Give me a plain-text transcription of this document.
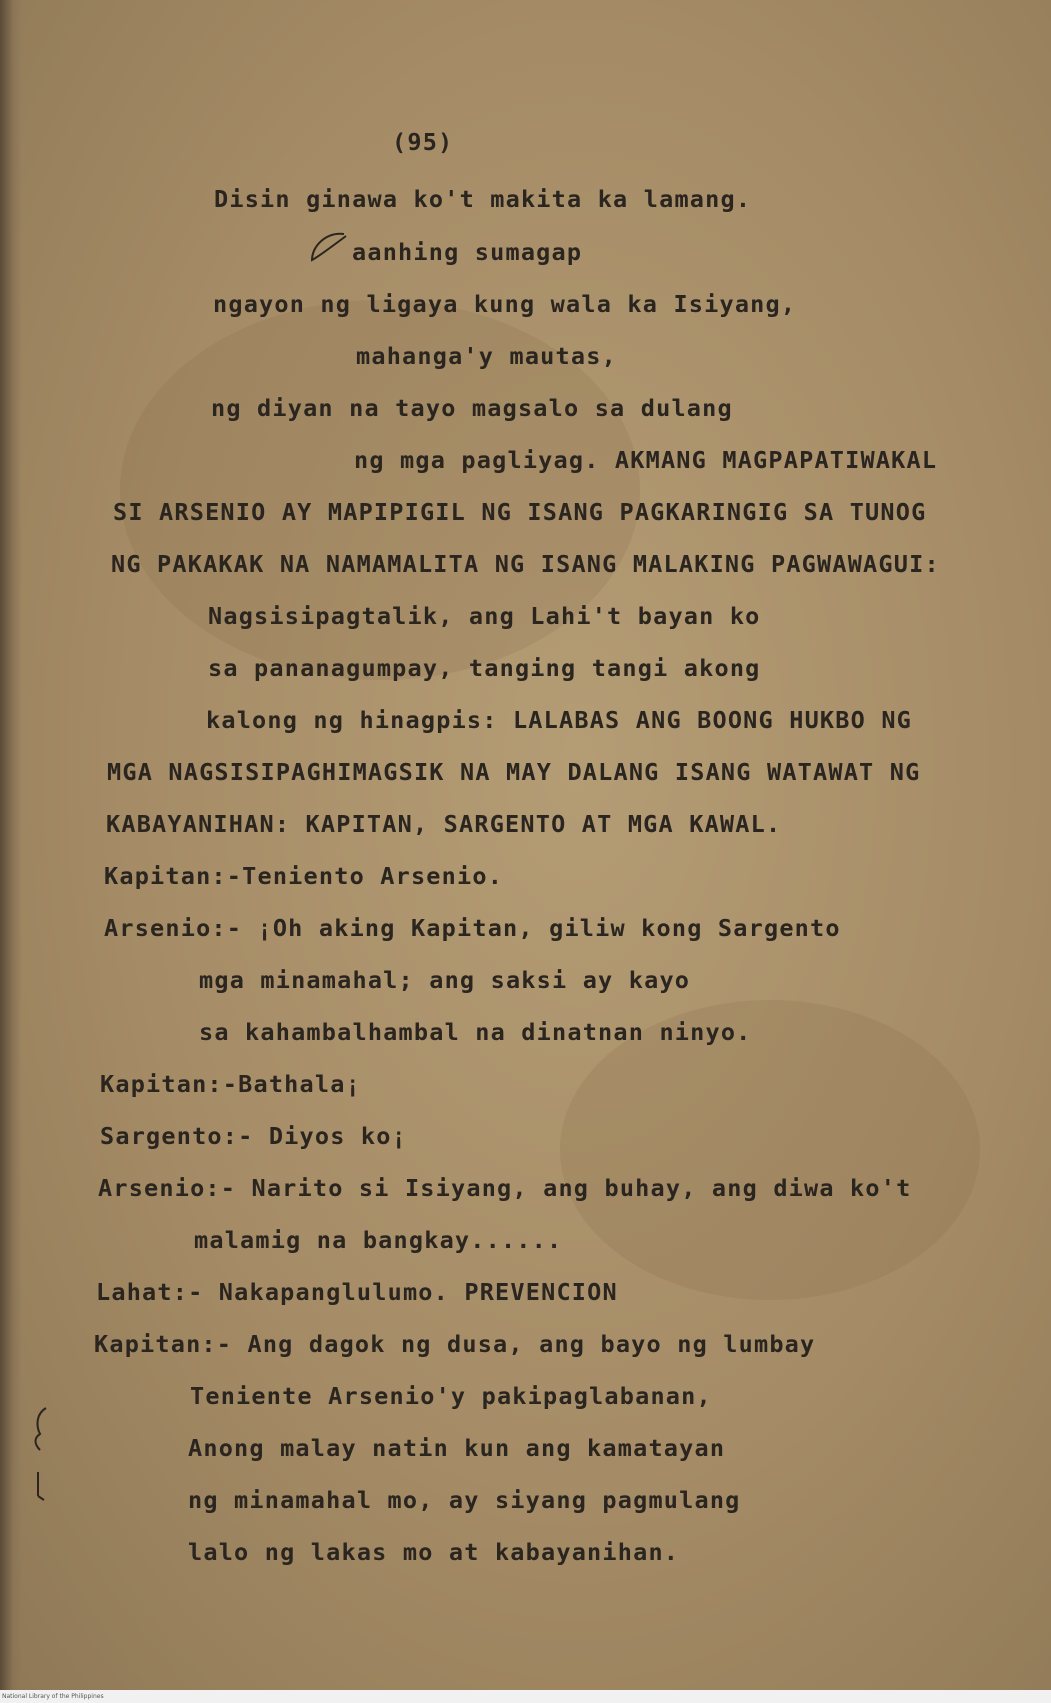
(95)
Disin ginawa ko't makita ka lamang.
aanhing sumagap
ngayon ng ligaya kung wala ka Isiyang,
mahanga'y mautas,
ng diyan na tayo magsalo sa dulang
ng mga pagliyag. AKMANG MAGPAPATIWAKAL
SI ARSENIO AY MAPIPIGIL NG ISANG PAGKARINGIG SA TUNOG
NG PAKAKAK NA NAMAMALITA NG ISANG MALAKING PAGWAWAGUI:
Nagsisipagtalik, ang Lahi't bayan ko
sa pananagumpay, tanging tangi akong
kalong ng hinagpis: LALABAS ANG BOONG HUKBO NG
MGA NAGSISIPAGHIMAGSIK NA MAY DALANG ISANG WATAWAT NG
KABAYANIHAN: KAPITAN, SARGENTO AT MGA KAWAL.
Kapitan:-Teniento Arsenio.
Arsenio:- ¡Oh aking Kapitan, giliw kong Sargento
mga minamahal; ang saksi ay kayo
sa kahambalhambal na dinatnan ninyo.
Kapitan:-Bathala¡
Sargento:- Diyos ko¡
Arsenio:- Narito si Isiyang, ang buhay, ang diwa ko't
malamig na bangkay......
Lahat:- Nakapanglulumo. PREVENCION
Kapitan:- Ang dagok ng dusa, ang bayo ng lumbay
Teniente Arsenio'y pakipaglabanan,
Anong malay natin kun ang kamatayan
ng minamahal mo, ay siyang pagmulang
lalo ng lakas mo at kabayanihan.
National Library of the Philippines
